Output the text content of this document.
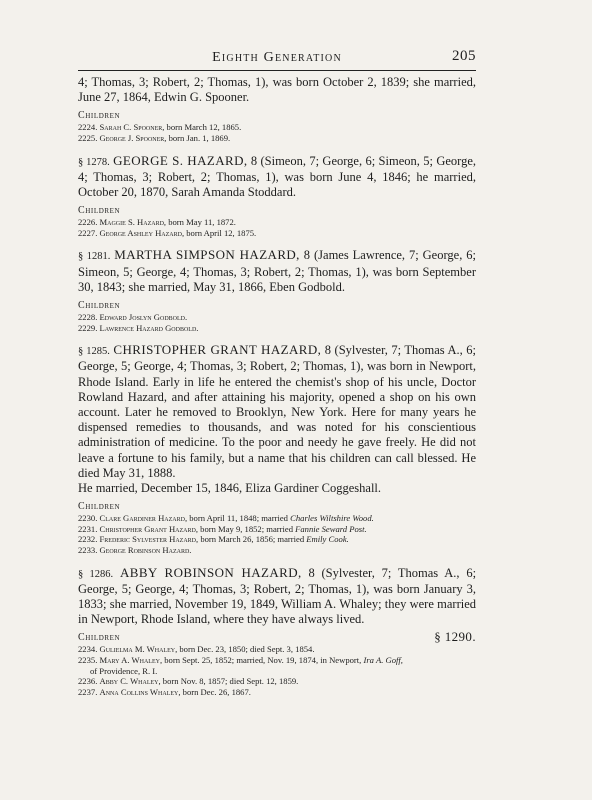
Eighth Generation	205

4; Thomas, 3; Robert, 2; Thomas, 1), was born October 2, 1839; she married, June 27, 1864, Edwin G. Spooner.

Children
2224. Sarah C. Spooner, born March 12, 1865.
2225. George J. Spooner, born Jan. 1, 1869.

§ 1278. GEORGE S. HAZARD, 8 (Simeon, 7; George, 6; Simeon, 5; George, 4; Thomas, 3; Robert, 2; Thomas, 1), was born June 4, 1846; he married, October 20, 1870, Sarah Amanda Stoddard.

Children
2226. Maggie S. Hazard, born May 11, 1872.
2227. George Ashley Hazard, born April 12, 1875.

§ 1281. MARTHA SIMPSON HAZARD, 8 (James Lawrence, 7; George, 6; Simeon, 5; George, 4; Thomas, 3; Robert, 2; Thomas, 1), was born September 30, 1843; she married, May 31, 1866, Eben Godbold.

Children
2228. Edward Joslyn Godbold.
2229. Lawrence Hazard Godbold.

§ 1285. CHRISTOPHER GRANT HAZARD, 8 (Sylvester, 7; Thomas A., 6; George, 5; George, 4; Thomas, 3; Robert, 2; Thomas, 1), was born in Newport, Rhode Island. Early in life he entered the chemist's shop of his uncle, Doctor Rowland Hazard, and after attaining his majority, opened a shop on his own account. Later he removed to Brooklyn, New York. Here for many years he dispensed remedies to thousands, and was noted for his conscientious administration of medicine. To the poor and needy he gave freely. He did not leave a fortune to his family, but a name that his children can call blessed. He died May 31, 1888.

He married, December 15, 1846, Eliza Gardiner Coggeshall.

Children
2230. Clare Gardiner Hazard, born April 11, 1848; married Charles Wiltshire Wood.
2231. Christopher Grant Hazard, born May 9, 1852; married Fannie Seward Post.
2232. Frederic Sylvester Hazard, born March 26, 1856; married Emily Cook.
2233. George Robinson Hazard.

§ 1286. ABBY ROBINSON HAZARD, 8 (Sylvester, 7; Thomas A., 6; George, 5; George, 4; Thomas, 3; Robert, 2; Thomas, 1), was born January 3, 1833; she married, November 19, 1849, William A. Whaley; they were married in Newport, Rhode Island, where they have always lived.

Children
2234. Gulielma M. Whaley, born Dec. 23, 1850; died Sept. 3, 1854.
2235. Mary A. Whaley, born Sept. 25, 1852; married, Nov. 19, 1874, in Newport, Ira A. Goff,
of Providence, R. I.
2236. Abby C. Whaley, born Nov. 8, 1857; died Sept. 12, 1859.
2237. Anna Collins Whaley, born Dec. 26, 1867.
§ 1290.
